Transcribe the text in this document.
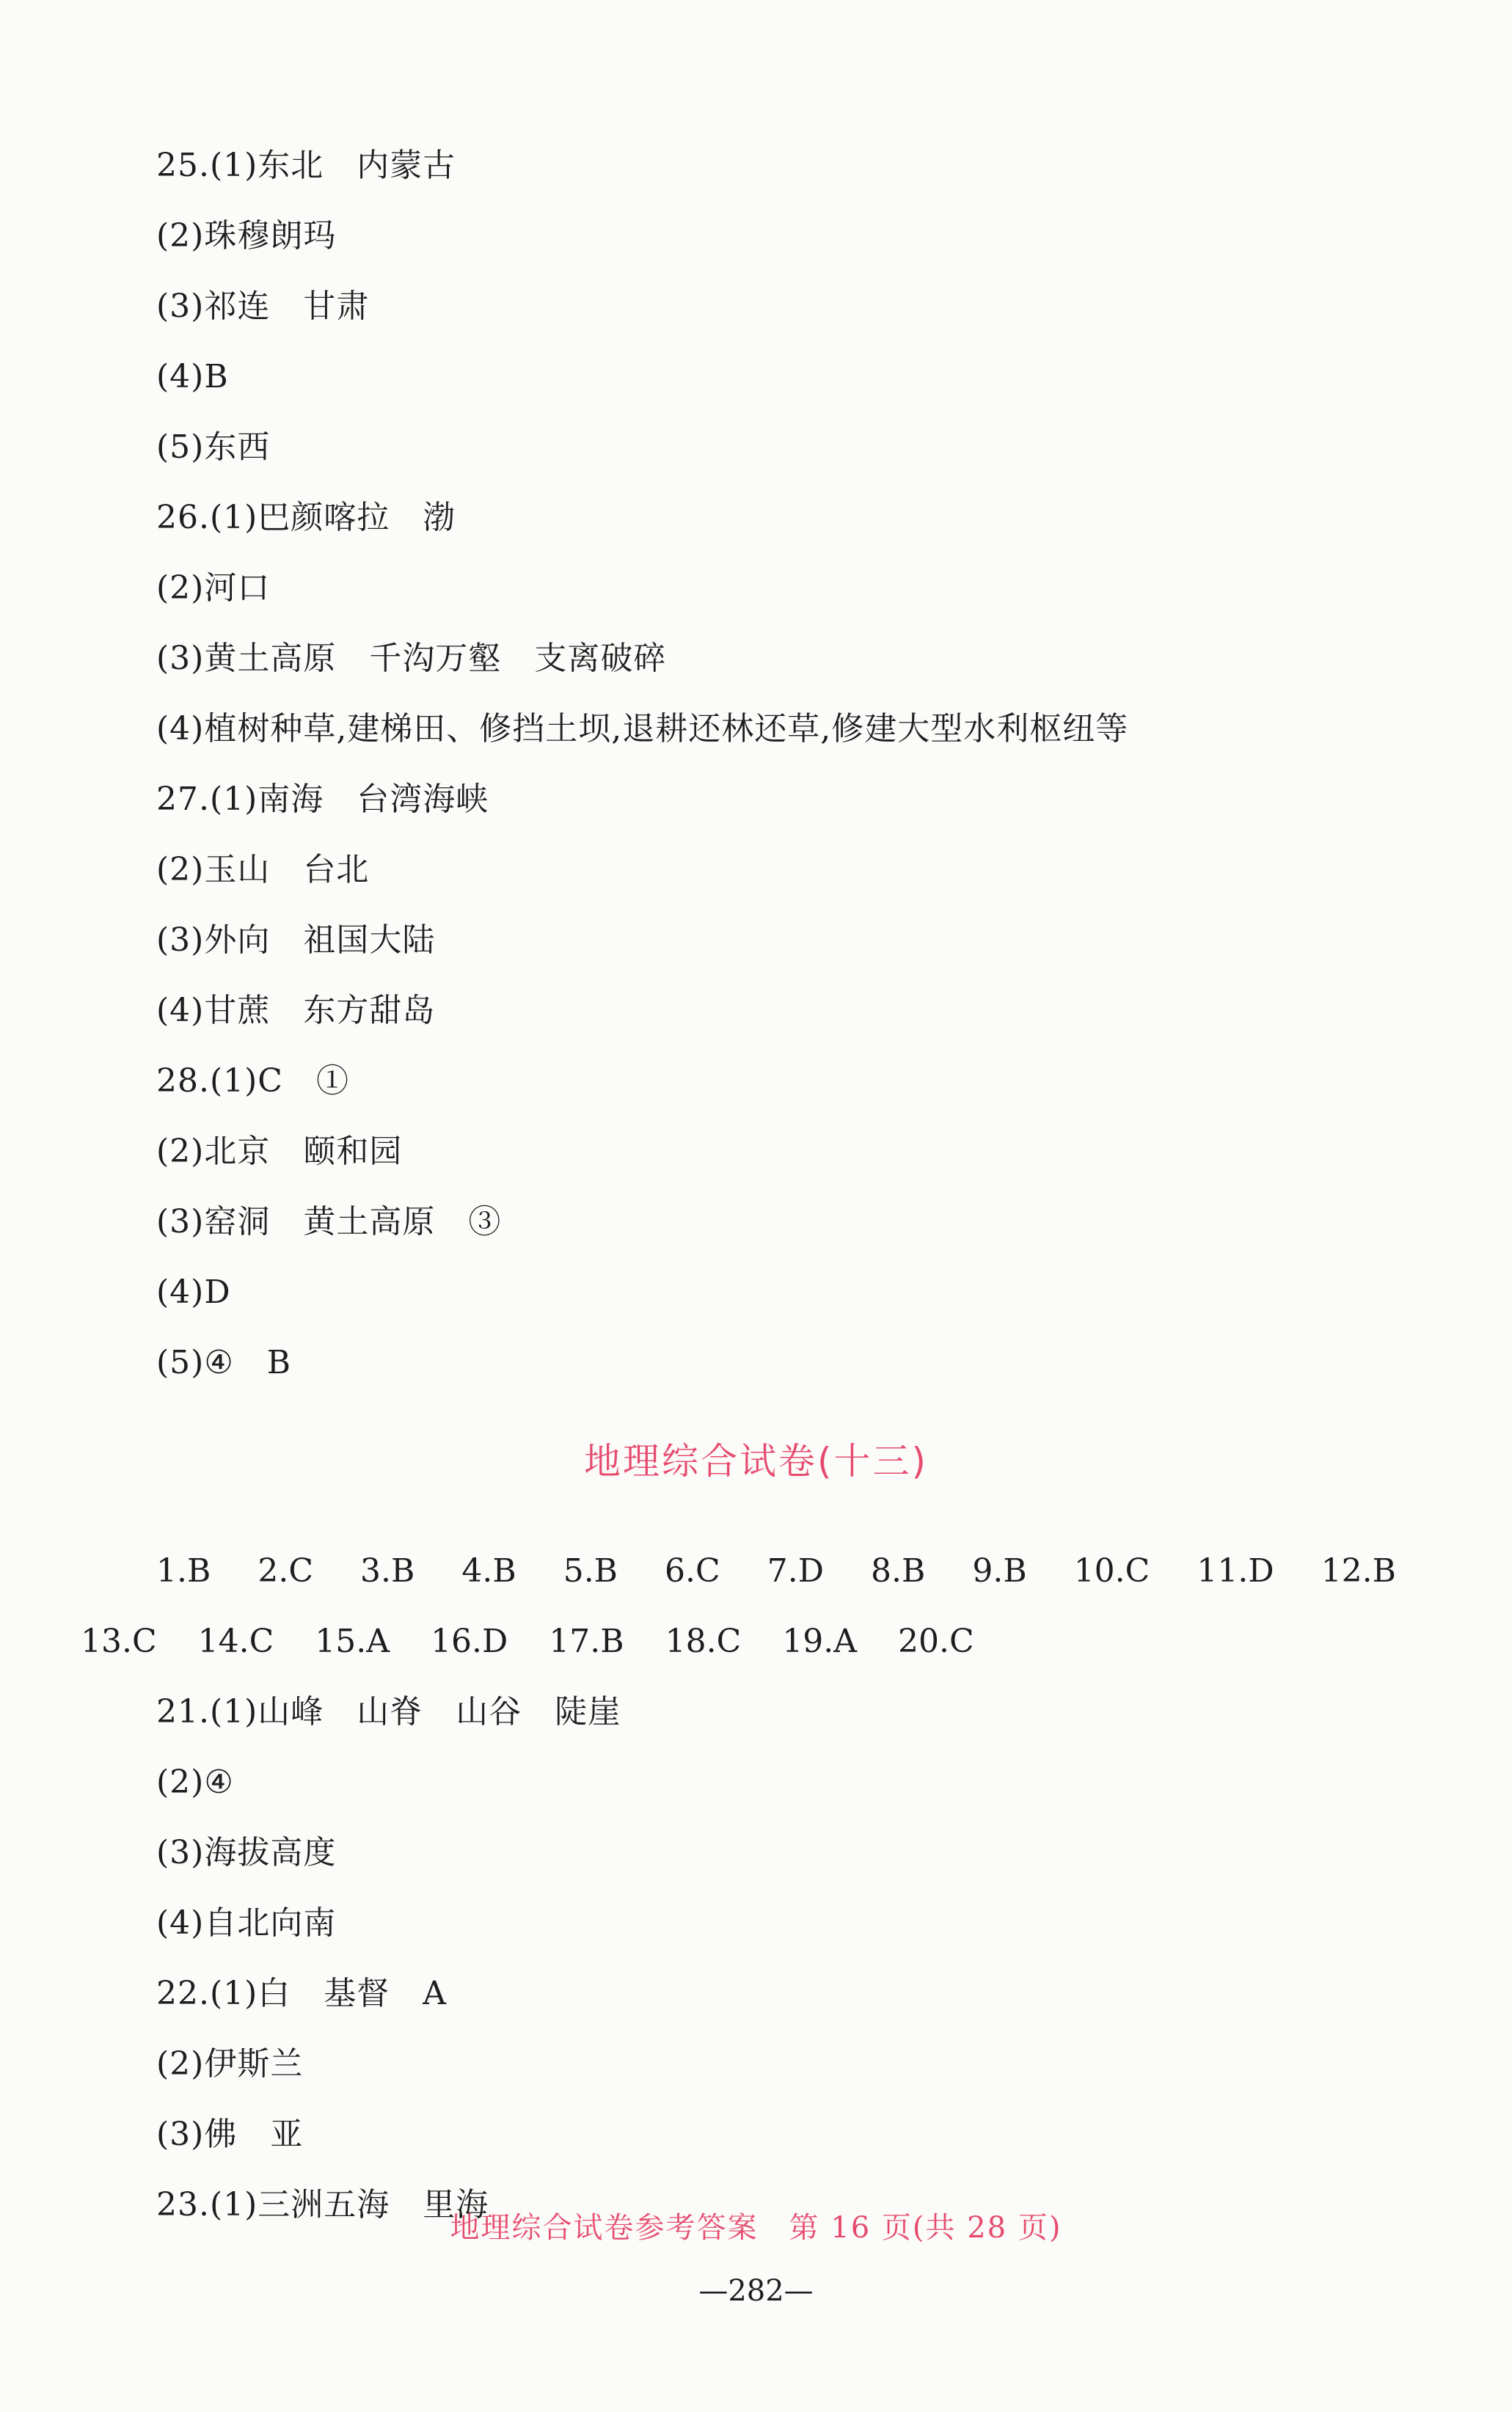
25.(1)东北　内蒙古
(2)珠穆朗玛
(3)祁连　甘肃
(4)B
(5)东西
26.(1)巴颜喀拉　渤
(2)河口
(3)黄土高原　千沟万壑　支离破碎
(4)植树种草,建梯田、修挡土坝,退耕还林还草,修建大型水利枢纽等
27.(1)南海　台湾海峡
(2)玉山　台北
(3)外向　祖国大陆
(4)甘蔗　东方甜岛
28.(1)C　①
(2)北京　颐和园
(3)窑洞　黄土高原　③
(4)D
(5)④　B
地理综合试卷(十三)
1.B 2.C 3.B 4.B 5.B 6.C 7.D 8.B 9.B 10.C 11.D 12.B
13.C 14.C 15.A 16.D 17.B 18.C 19.A 20.C
21.(1)山峰　山脊　山谷　陡崖
(2)④
(3)海拔高度
(4)自北向南
22.(1)白　基督　A
(2)伊斯兰
(3)佛　亚
23.(1)三洲五海　里海
地理综合试卷参考答案　第 16 页(共 28 页)
—282—
